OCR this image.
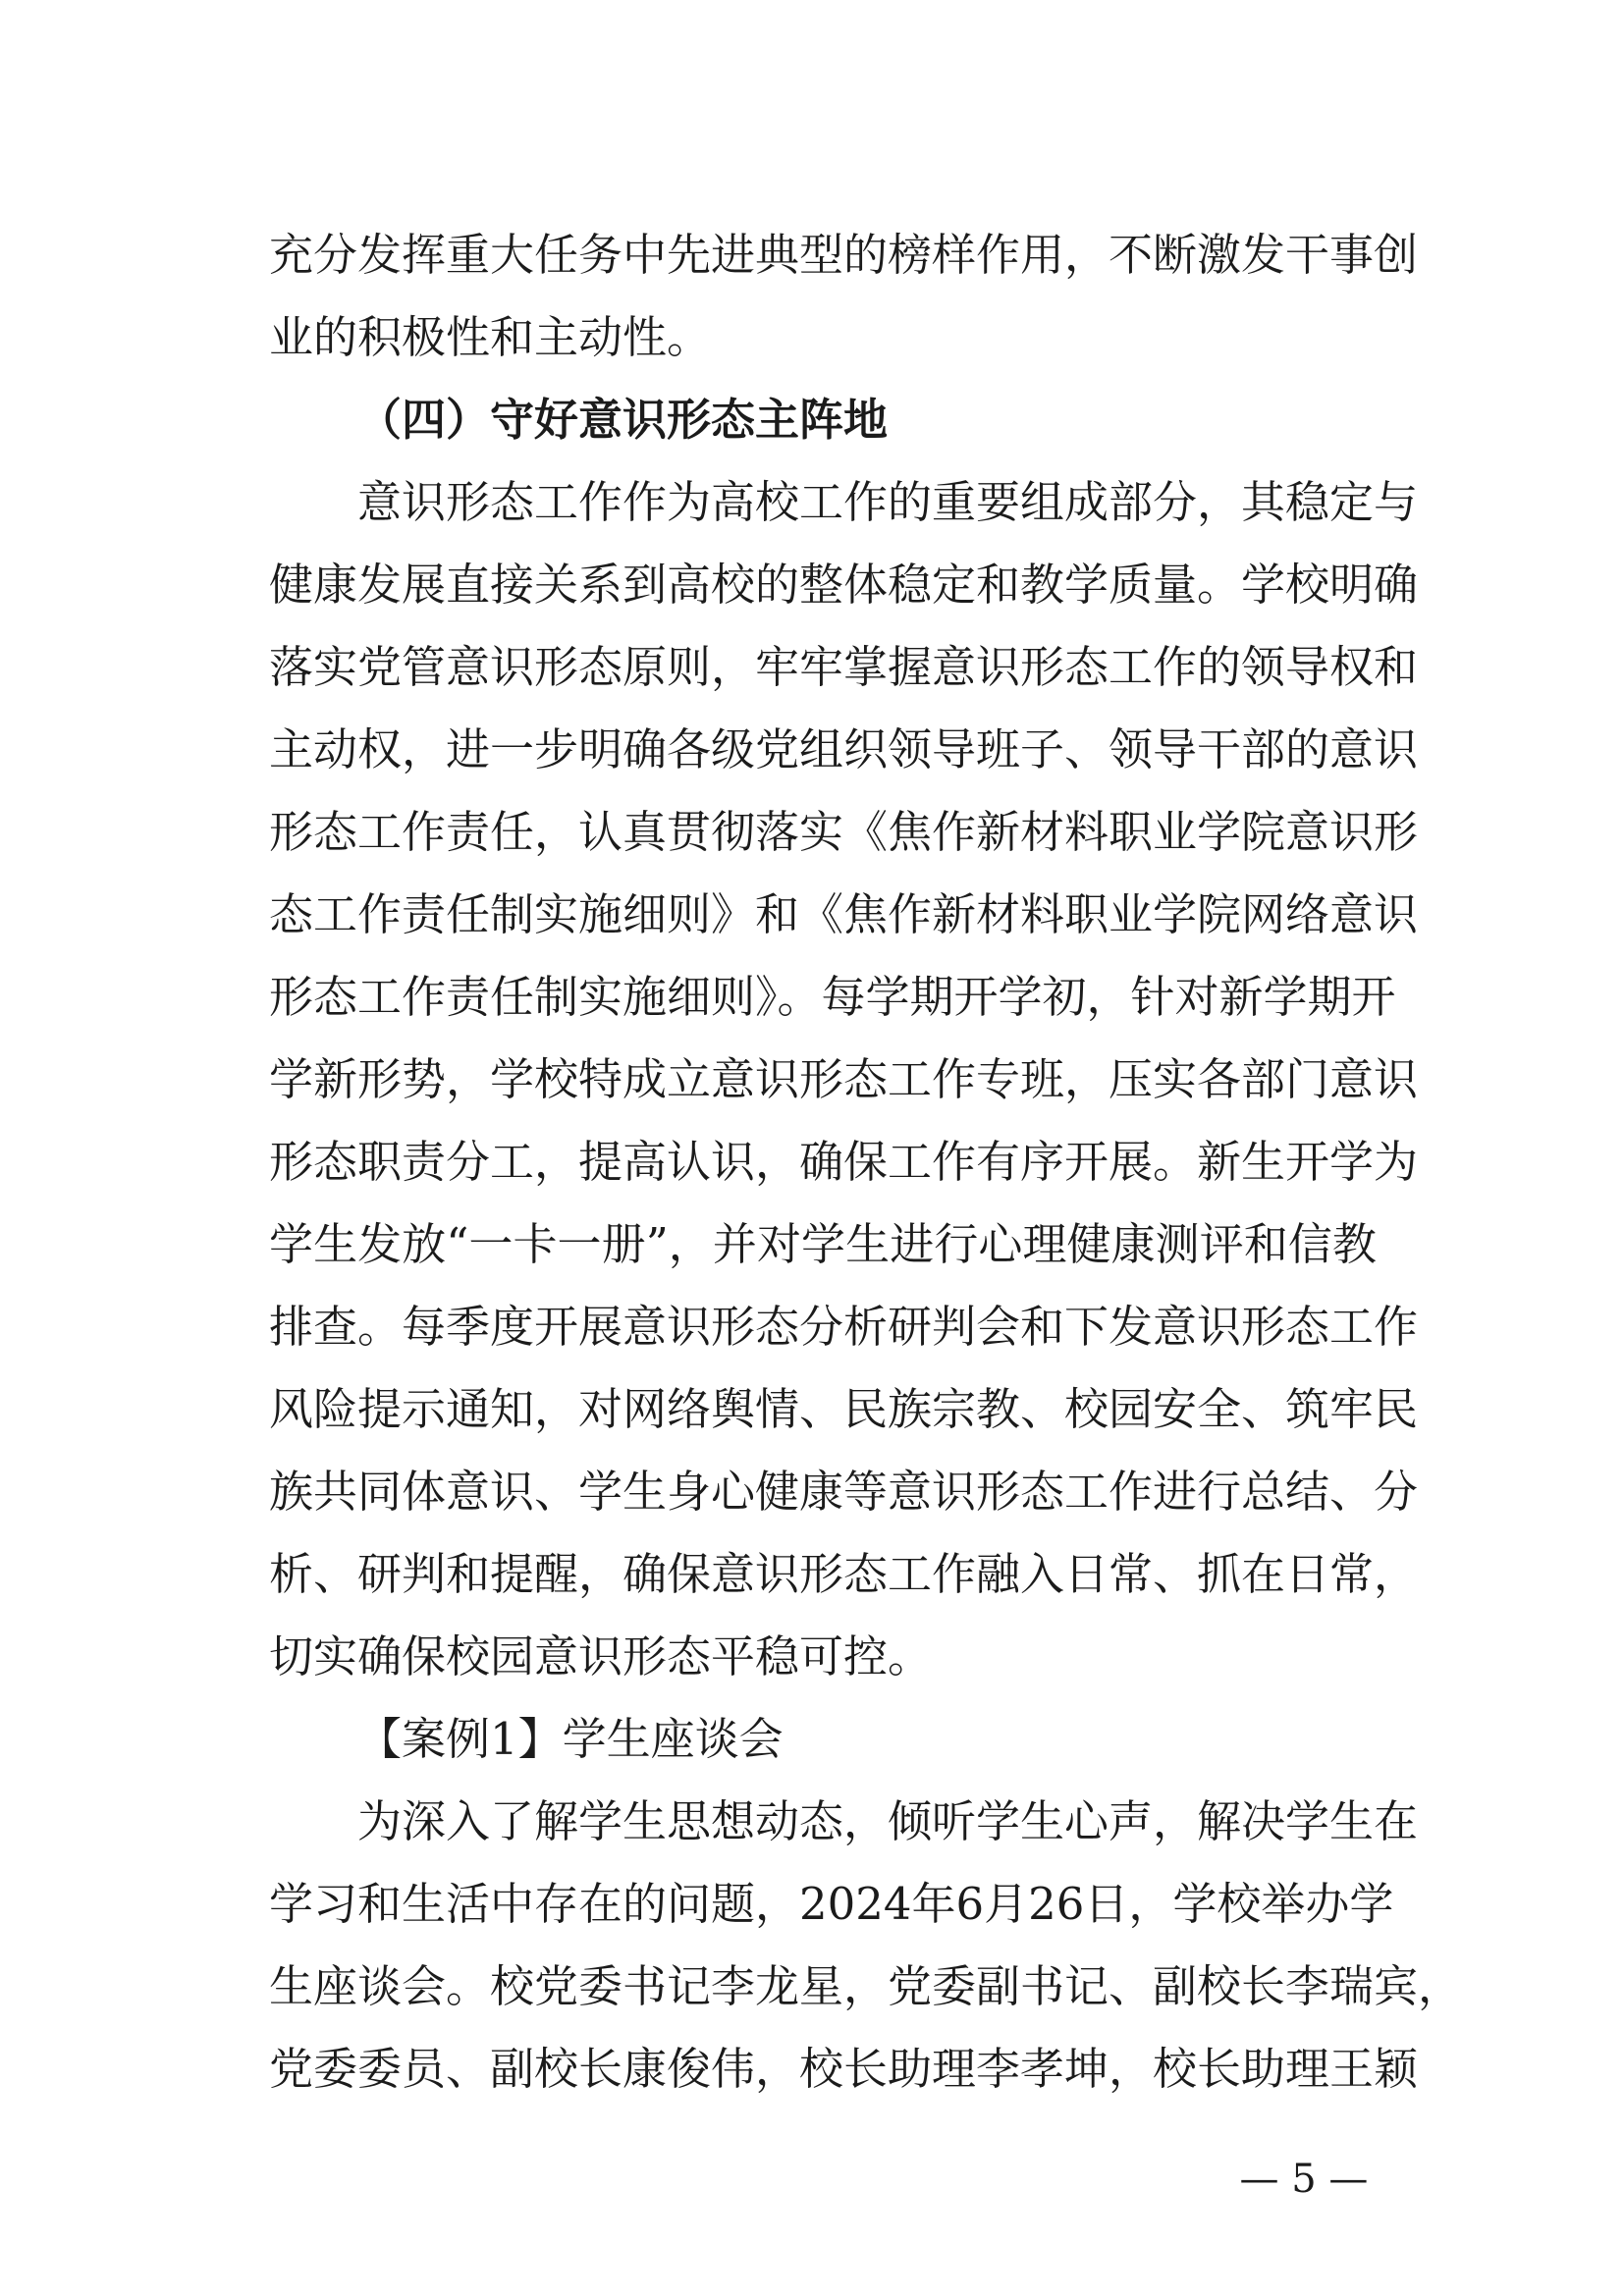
充分发挥重大任务中先进典型的榜样作用，不断激发干事创
业的积极性和主动性。
（四）守好意识形态主阵地
意识形态工作作为高校工作的重要组成部分，其稳定与
健康发展直接关系到高校的整体稳定和教学质量。学校明确
落实党管意识形态原则，牢牢掌握意识形态工作的领导权和
主动权，进一步明确各级党组织领导班子、领导干部的意识
形态工作责任，认真贯彻落实《焦作新材料职业学院意识形
态工作责任制实施细则》和《焦作新材料职业学院网络意识
形态工作责任制实施细则》。每学期开学初，针对新学期开
学新形势，学校特成立意识形态工作专班，压实各部门意识
形态职责分工，提高认识，确保工作有序开展。新生开学为
学生发放“一卡一册”，并对学生进行心理健康测评和信教
排查。每季度开展意识形态分析研判会和下发意识形态工作
风险提示通知，对网络舆情、民族宗教、校园安全、筑牢民
族共同体意识、学生身心健康等意识形态工作进行总结、分
析、研判和提醒，确保意识形态工作融入日常、抓在日常，
切实确保校园意识形态平稳可控。
【案例1】学生座谈会
为深入了解学生思想动态，倾听学生心声，解决学生在
学习和生活中存在的问题，2024年6月26日，学校举办学
生座谈会。校党委书记李龙星，党委副书记、副校长李瑞宾，
党委委员、副校长康俊伟，校长助理李孝坤，校长助理王颖
— 5 —
